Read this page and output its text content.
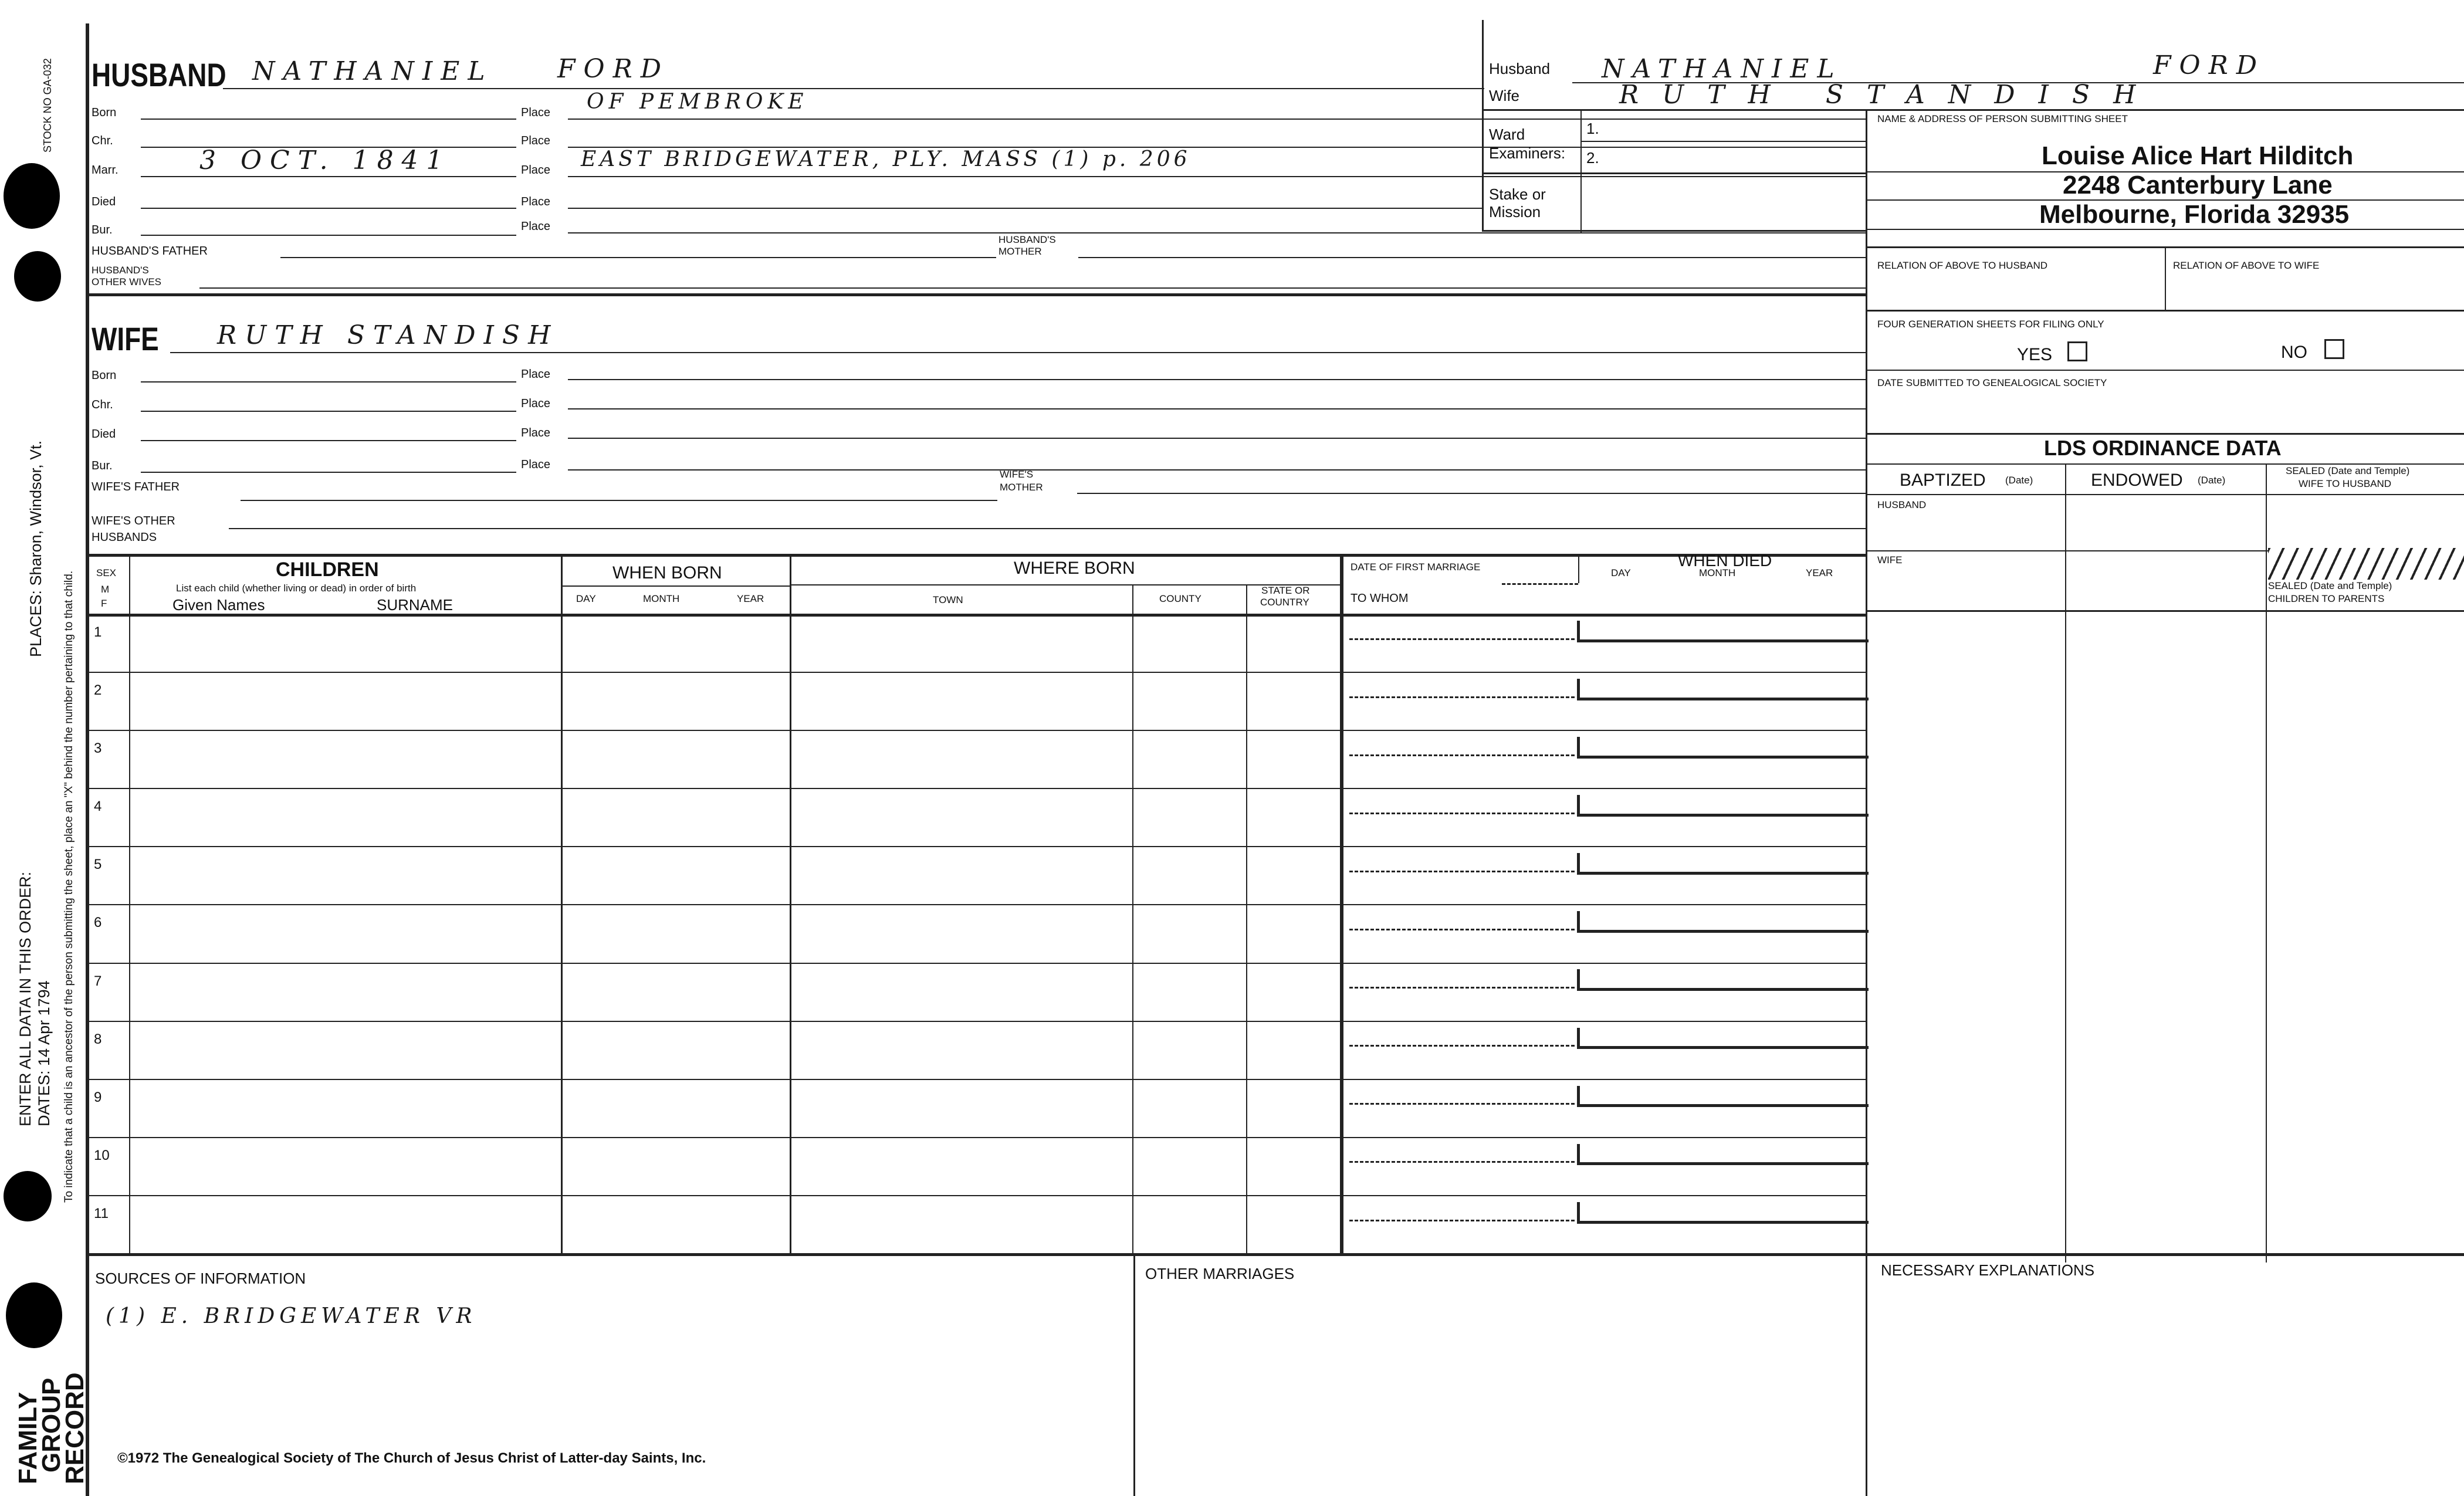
STOCK NO GA-032
ENTER ALL DATA IN THIS ORDER: DATES: 14 Apr 1794
PLACES: Sharon, Windsor, Vt.
To indicate that a child is an ancestor of the person submitting the sheet, place an "X" behind the number pertaining to that child.
FAMILY
GROUP
RECORD
HUSBAND NATHANIEL FORD
Born	Place OF PEMBROKE
Chr.	Place
Marr.	3 OCT. 1841	Place EAST BRIDGEWATER, PLY. MASS (1) p. 206
Died	Place
Bur.	Place
HUSBAND'S FATHER
HUSBAND'S
MOTHER
HUSBAND'S
OTHER WIVES
WIFE RUTH STANDISH
Born	Place
Chr.	Place
Died	Place
Bur.	Place
WIFE'S FATHER
WIFE'S
MOTHER
WIFE'S OTHER
HUSBANDS
Husband NATHANIEL	FORD
Wife	RUTH STANDISH
Ward
Examiners:
1.
2.
Stake or
Mission
NAME & ADDRESS OF PERSON SUBMITTING SHEET
Louise Alice Hart Hilditch
2248 Canterbury Lane
Melbourne, Florida 32935
RELATION OF ABOVE TO HUSBAND	RELATION OF ABOVE TO WIFE
FOUR GENERATION SHEETS FOR FILING ONLY
YES	NO
DATE SUBMITTED TO GENEALOGICAL SOCIETY
LDS ORDINANCE DATA
BAPTIZED (Date)	ENDOWED (Date)
SEALED (Date and Temple)
WIFE TO HUSBAND
HUSBAND
WIFE
SEALED (Date and Temple)
CHILDREN TO PARENTS
SEX
M
F
CHILDREN
List each child (whether living or dead) in order of birth
Given Names	SURNAME
WHEN BORN
DAY	MONTH	YEAR
WHERE BORN
TOWN	COUNTY
STATE OR
COUNTRY
DATE OF FIRST MARRIAGE
TO WHOM
WHEN DIED
DAY	MONTH	YEAR
1
2
3
4
5
6
7
8
9
10
11
SOURCES OF INFORMATION
(1) E. BRIDGEWATER VR
OTHER MARRIAGES	NECESSARY EXPLANATIONS
©1972 The Genealogical Society of The Church of Jesus Christ of Latter-day Saints, Inc.
